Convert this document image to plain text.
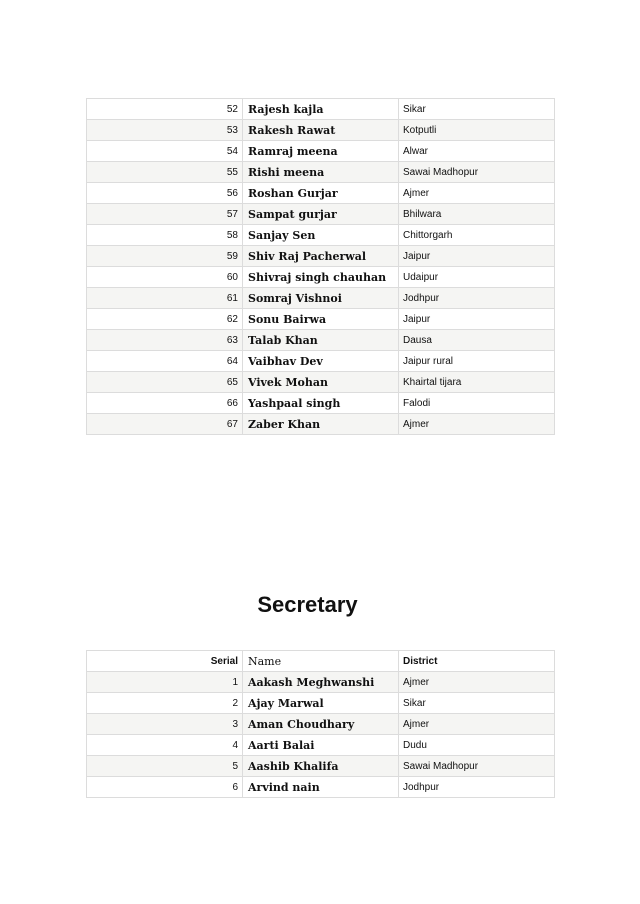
52	Rajesh kajla	Sikar
53	Rakesh Rawat	Kotputli
54	Ramraj meena	Alwar
55	Rishi meena	Sawai Madhopur
56	Roshan Gurjar	Ajmer
57	Sampat gurjar	Bhilwara
58	Sanjay Sen	Chittorgarh
59	Shiv Raj Pacherwal	Jaipur
60	Shivraj singh chauhan	Udaipur
61	Somraj Vishnoi	Jodhpur
62	Sonu Bairwa	Jaipur
63	Talab Khan	Dausa
64	Vaibhav Dev	Jaipur rural
65	Vivek Mohan	Khairtal tijara
66	Yashpaal singh	Falodi
67	Zaber Khan	Ajmer
Secretary
Serial	Name	District
1	Aakash Meghwanshi	Ajmer
2	Ajay Marwal	Sikar
3	Aman Choudhary	Ajmer
4	Aarti Balai	Dudu
5	Aashib Khalifa	Sawai Madhopur
6	Arvind nain	Jodhpur
